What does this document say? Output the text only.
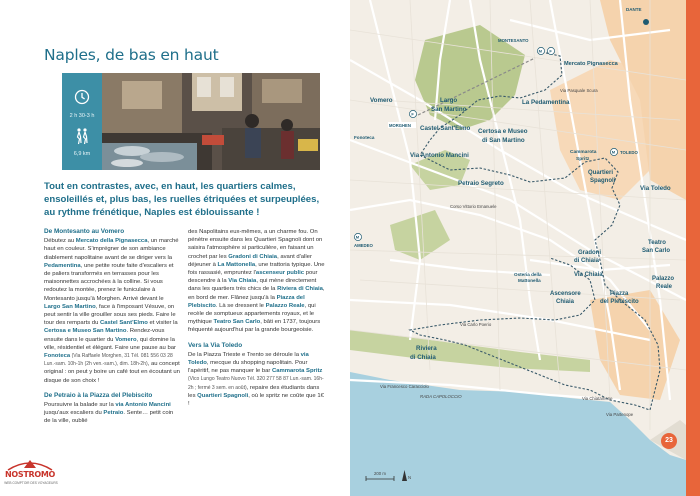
Naples, de bas en haut
2 h 30-3 h
6,9 km
Tout en contrastes, avec, en haut, les quartiers calmes, ensoleillés et, plus bas, les ruelles étriquées et surpeuplées, au rythme frénétique, Naples est éblouissante !
De Montesanto au Vomero

Débutez au Mercato della Pignasecca, un marché haut en couleur. S'imprégner de son ambiance diablement napolitaine avant de se diriger vers la Pedamentina, une petite route faite d'escaliers et de paliers transformés en terrasses pour les maisonnettes accrochées à la colline. Si vous redoutez la montée, prenez le funiculaire à Montesanto jusqu'à Morghen. Arrivé devant le Largo San Martino, face à l'imposant Vésuve, on peut sentir la ville grouiller sous ses pieds. Faire le tour des remparts du Castel Sant'Elmo et visiter la Certosa e Museo San Martino. Rendez-vous ensuite dans le quartier du Vomero, qui domine la ville, résidentiel et élégant. Faire une pause au bar Fonoteca (Via Raffaele Morghen, 31 Tél. 081 556 03 28 Lun.-sam. 10h-1h (2h ven.-sam.), dim. 18h-2h), au concept original : on peut y boire un café tout en écoutant un disque de son choix !

De Petraio à la Piazza del Plebiscito

Poursuivre la balade sur la via Antonio Mancini jusqu'aux escaliers du Petraio. Sente… petit coin de la ville, oublié

des Napolitains eux-mêmes, a un charme fou. On pénètre ensuite dans les Quartieri Spagnoli dont on saisira l'atmosphère si particulière, en faisant un crochet par les Gradoni di Chiaia, avant d'aller déjeuner à La Mattonella, une trattoria typique. Une fois rassasié, empruntez l'ascenseur public pour descendre à la Via Chiaia, qui mène directement dans les quartiers très chics de la Riviera di Chiaia, en bord de mer. Flânez jusqu'à la Piazza del Plebiscito. Là se dressent le Palazzo Reale, qui recèle de somptueux appartements royaux, et le mythique Teatro San Carlo, bâti en 1737, toujours fréquenté aujourd'hui par la grande bourgeoisie.

Vers la Via Toledo

De la Piazza Trieste e Trento se déroule la via Toledo, mecque du shopping napolitain. Pour l'apéritif, ne pas manquer le bar Cammarota Spritz (Vico Lungo Teatro Nuovo Tél. 320 277 58 87 Lun.-sam. 16h-2h ; fermé 3 sem. en août), repaire des étudiants dans les Quartieri Spagnoli, où le spritz ne coûte que 1€ !

NOSTROMO
WEB COMPTOIR DES VOYAGEURS
DANTE
MONTESANTO
M F
Mercato Pignasecca
La Pedamentina
Vomero
F
Largo
San Martino
Castel Sant'Elmo Certosa e Museo
di San Martino
Fonoteca
MORGHEN
Via Antonio Mancini	Cammarota
Spritz
M TOLEDO
Quartieri
Spagnoli
Via Toledo
Petraio Segreto
Corso Vittorio Emanuele
M
AMEDEO
Gradoni
di Chiaia
Osteria della
Mattonella
Via Chiaia
Ascensore
Chiaia
Teatro
San Carlo
Palazzo
Reale
Piazza
del Plebiscito
Riviera
di Chiaia
Via Carlo Poerio
Via Francesco Caracciolo
RADA CAPOLOCCIO
Via Partenope
Via Chiatamone
Via Pasquale Scura
200 m
N
23
